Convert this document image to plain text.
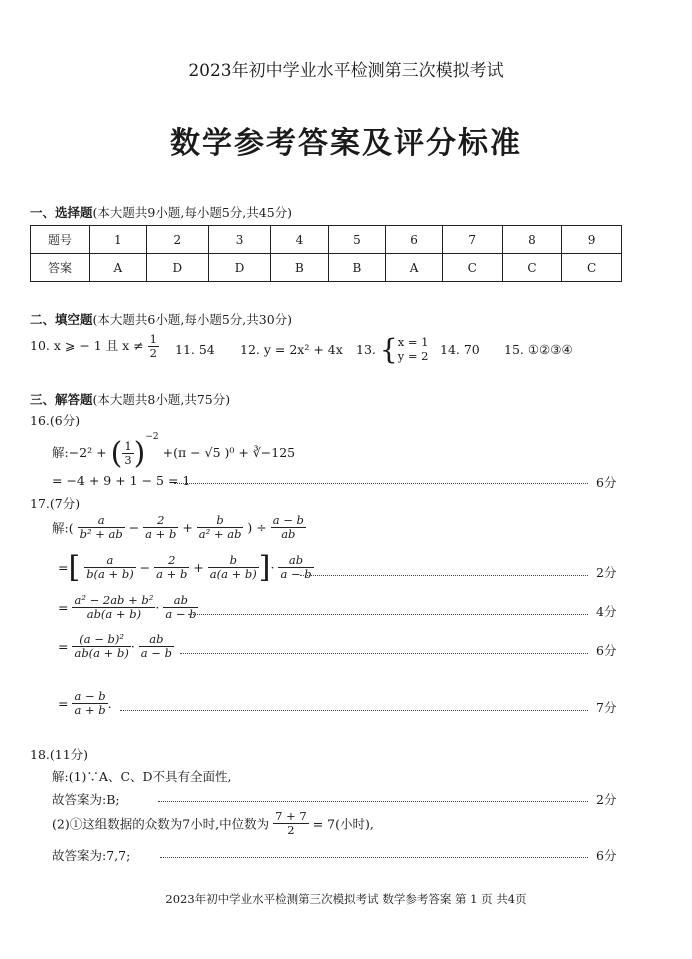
2023年初中学业水平检测第三次模拟考试
数学参考答案及评分标准
一、选择题(本大题共9小题,每小题5分,共45分)
题号	1	2	3	4	5	6	7	8	9
答案	A	D	D	B	B	A	C	C	C
二、填空题(本大题共6小题,每小题5分,共30分)
10. x ⩾ − 1 且 $x \ne \frac{1}{2} 11$. 54 12. y = 2x² + 4x 13. { x = 1
y = 2 14. 70 15. ①②③④
三、解答题(本大题共8小题,共75分)
16.(6分)
解:−2² + ( $\frac{1}{3} )^{-2} +(\pi - √5$ )⁰ + ∛−125
= −4 + 9 + 1 − 5 = 1	6分
17.(7分)
解:( $\frac{a}{\text{b² + ab}} - \frac{2}{a + b} + \frac{b}{\text{a² + ab}}$ ) ÷ $\frac{a - b}{ab}$
=[ $\frac{a}{b(a + b)} - \frac{2}{a + b} + \frac{b}{a(a + b)}$ ]· $\frac{ab}{a - b}$	2分
= $\frac{\text{a² − 2ab + b²}}{ab(a + b)} \cdot \frac{ab}{a - b}$	4分
= $\frac{\text{(a − b)²}}{ab(a + b)} \cdot \frac{ab}{a - b}$	6分
= $\frac{a - b}{a + b}$ .	7分
18.(11分)
解:(1)∵A、C、D不具有全面性,
故答案为:B;	2分
(2)①这组数据的众数为7小时,中位数为 $\frac{7 + 7}{2} = 7$(小时),
故答案为:7,7;	6分
2023年初中学业水平检测第三次模拟考试 数学参考答案 第 1 页 共4页
